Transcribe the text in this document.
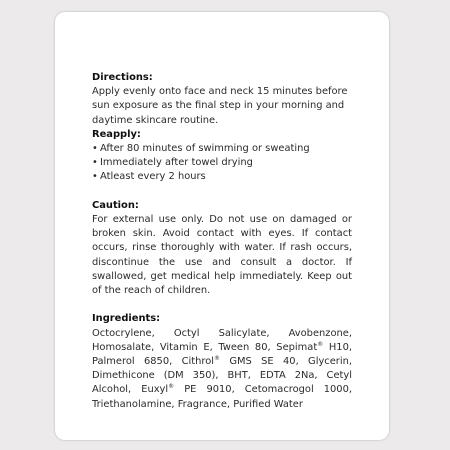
Directions:

Apply evenly onto face and neck 15 minutes before sun exposure as the final step in your morning and daytime skincare routine.

Reapply:

• After 80 minutes of swimming or sweating
• Immediately after towel drying
• Atleast every 2 hours

Caution:

For external use only. Do not use on damaged or broken skin. Avoid contact with eyes. If contact occurs, rinse thoroughly with water. If rash occurs, discontinue the use and consult a doctor. If swallowed, get medical help immediately. Keep out of the reach of children.

Ingredients:

Octocrylene, Octyl Salicylate, Avobenzone, Homosalate, Vitamin E, Tween 80, Sepimat® H10, Palmerol 6850, Cithrol® GMS SE 40, Glycerin, Dimethicone (DM 350), BHT, EDTA 2Na, Cetyl Alcohol, Euxyl® PE 9010, Cetomacrogol 1000, Triethanolamine, Fragrance, Purified Water
